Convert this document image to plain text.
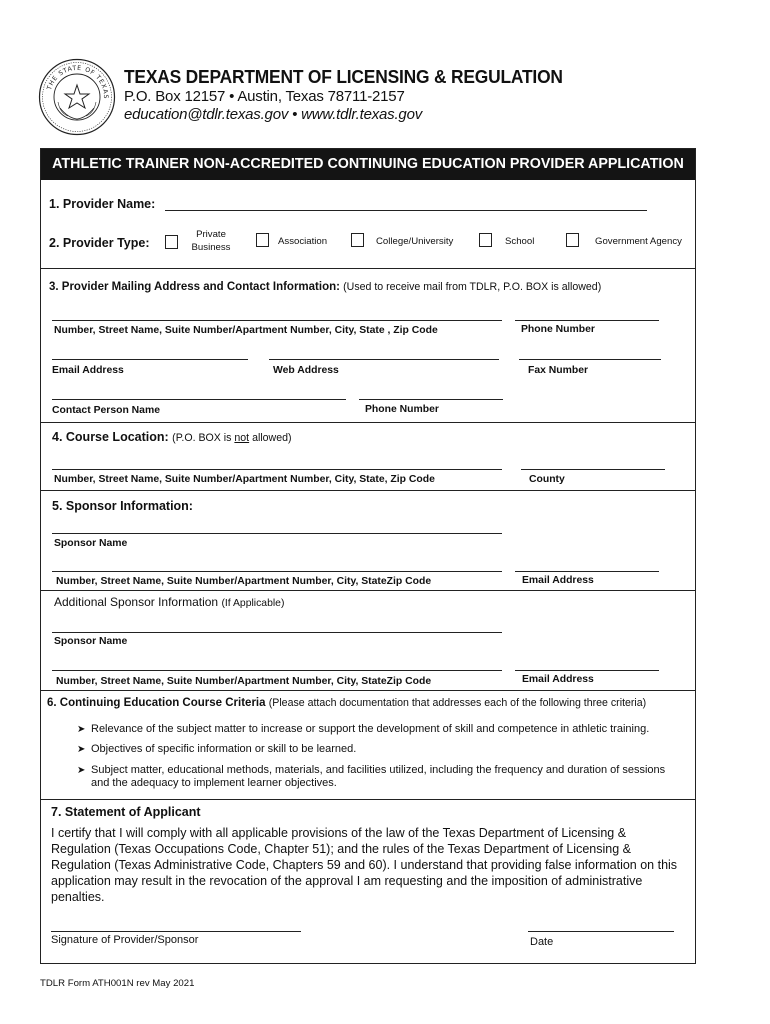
THE STATE OF TEXAS
TEXAS DEPARTMENT OF LICENSING & REGULATION
P.O. Box 12157 • Austin, Texas 78711-2157
education@tdlr.texas.gov • www.tdlr.texas.gov
ATHLETIC TRAINER NON-ACCREDITED CONTINUING EDUCATION PROVIDER APPLICATION
1. Provider Name:
2. Provider Type:
Private
Business
Association	College/University	School	Government Agency
3. Provider Mailing Address and Contact Information: (Used to receive mail from TDLR, P.O. BOX is allowed)
Number, Street Name, Suite Number/Apartment Number, City, State , Zip Code	Phone Number
Email Address	Web Address	Fax Number
Contact Person Name	Phone Number
4. Course Location: (P.O. BOX is not allowed)
Number, Street Name, Suite Number/Apartment Number, City, State, Zip Code	County
5. Sponsor Information:
Sponsor Name
Number, Street Name, Suite Number/Apartment Number, City, StateZip Code	Email Address
Additional Sponsor Information (If Applicable)
Sponsor Name
Number, Street Name, Suite Number/Apartment Number, City, StateZip Code	Email Address
6. Continuing Education Course Criteria (Please attach documentation that addresses each of the following three criteria)
➤ Relevance of the subject matter to increase or support the development of skill and competence in athletic training.
➤ Objectives of specific information or skill to be learned.
➤ Subject matter, educational methods, materials, and facilities utilized, including the frequency and duration of sessions
and the adequacy to implement learner objectives.
7. Statement of Applicant
I certify that I will comply with all applicable provisions of the law of the Texas Department of Licensing &
Regulation (Texas Occupations Code, Chapter 51); and the rules of the Texas Department of Licensing &
Regulation (Texas Administrative Code, Chapters 59 and 60). I understand that providing false information on this
application may result in the revocation of the approval I am requesting and the imposition of administrative
penalties.
Signature of Provider/Sponsor	Date
TDLR Form ATH001N rev May 2021
